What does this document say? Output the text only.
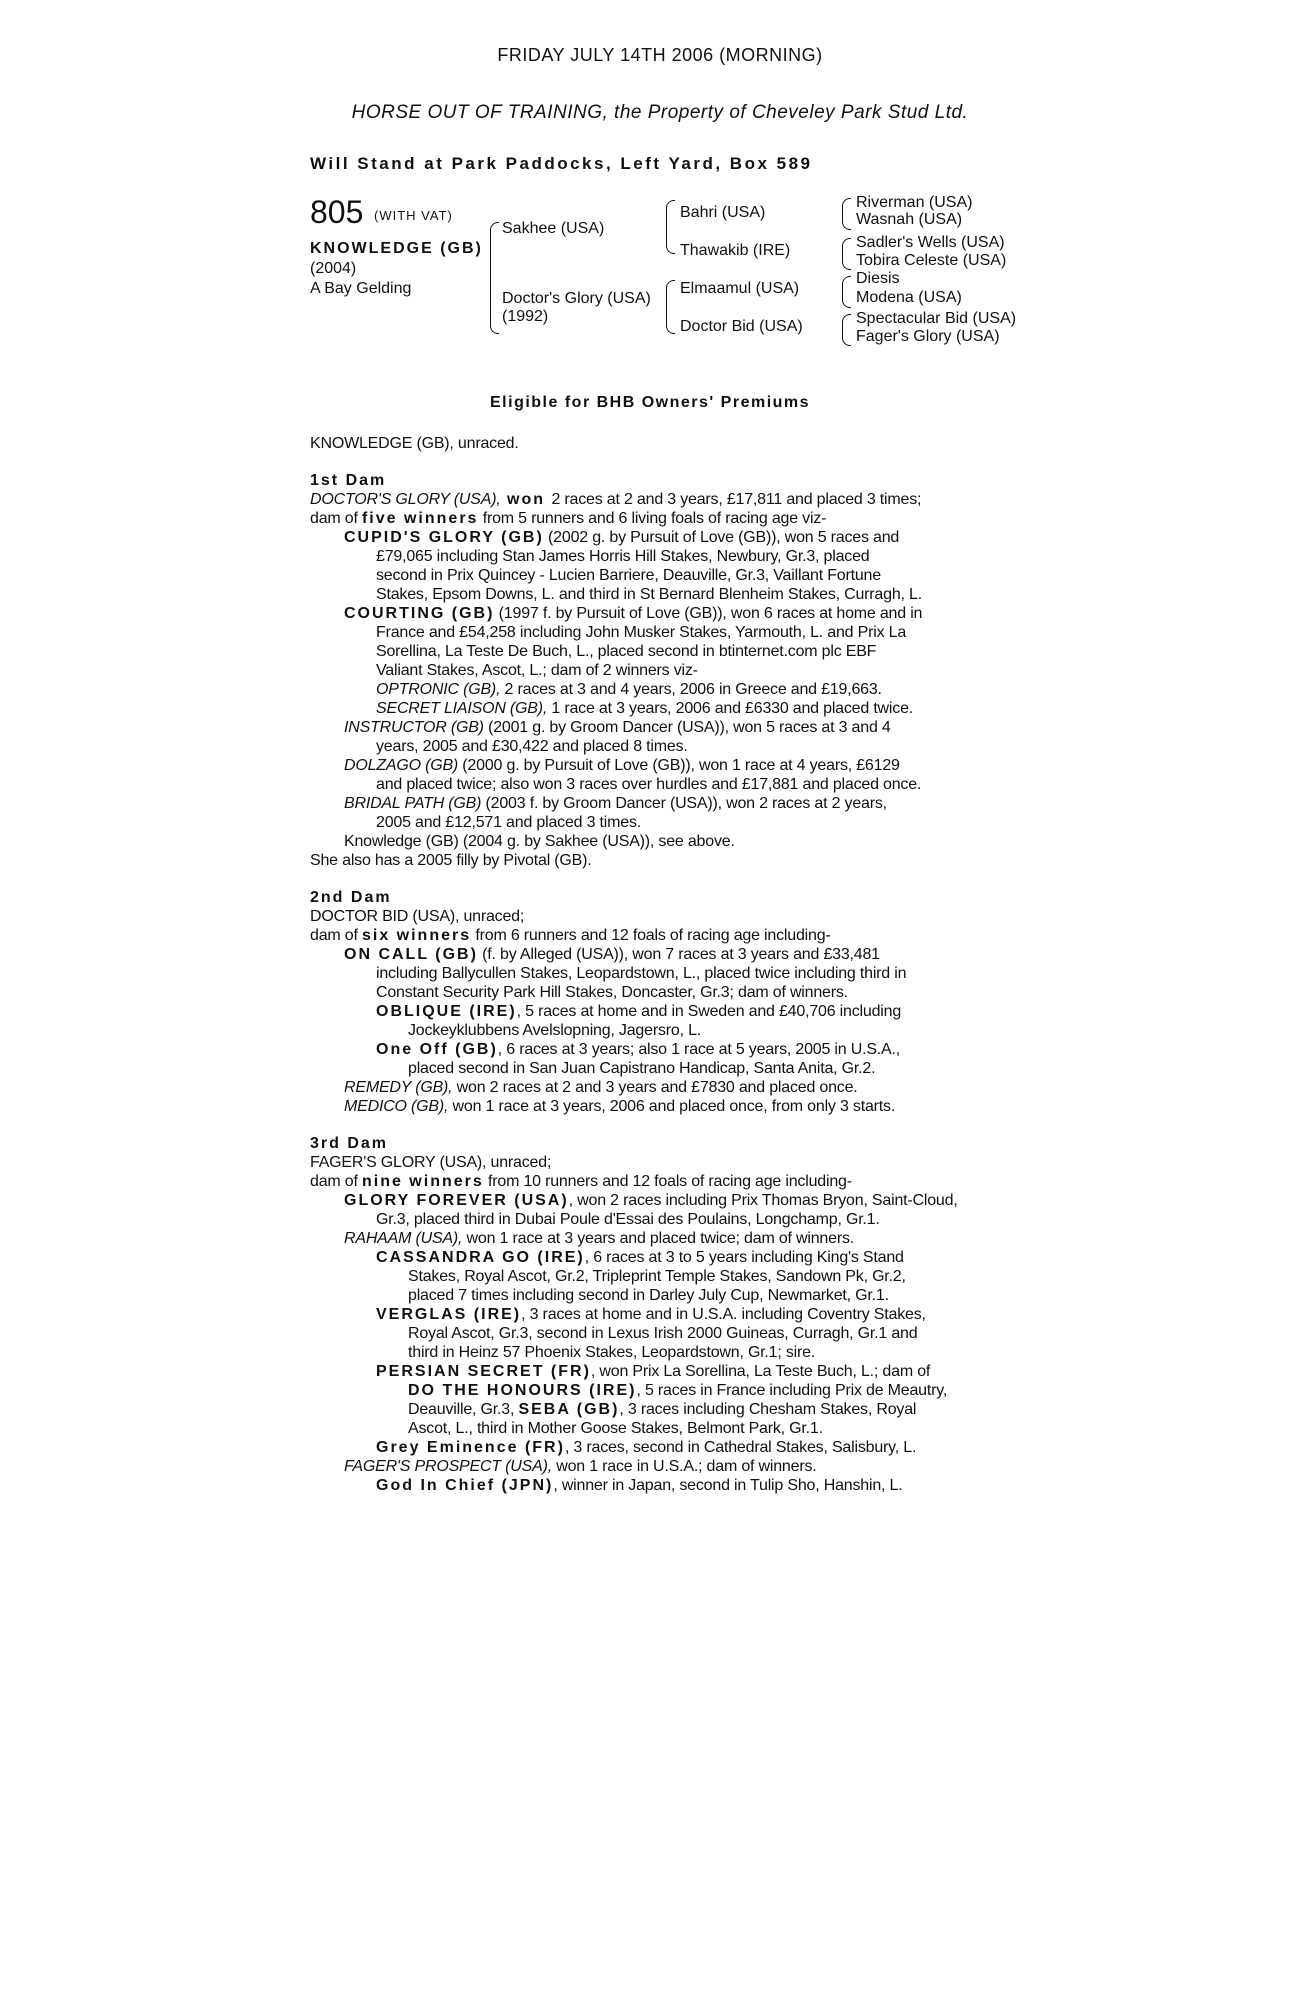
FRIDAY JULY 14TH 2006 (MORNING)
HORSE OUT OF TRAINING, the Property of Cheveley Park Stud Ltd.
Will Stand at Park Paddocks, Left Yard, Box 589
805 (WITH VAT)
KNOWLEDGE (GB)
(2004)
A Bay Gelding
Sakhee (USA)
Doctor's Glory (USA)
(1992)
Bahri (USA)
Thawakib (IRE)
Elmaamul (USA)
Doctor Bid (USA)
Riverman (USA)
Wasnah (USA)
Sadler's Wells (USA)
Tobira Celeste (USA)
Diesis
Modena (USA)
Spectacular Bid (USA)
Fager's Glory (USA)
Eligible for BHB Owners' Premiums
KNOWLEDGE (GB), unraced.
1st Dam
DOCTOR'S GLORY (USA), won 2 races at 2 and 3 years, £17,811 and placed 3 times;
dam of five winners from 5 runners and 6 living foals of racing age viz-
CUPID'S GLORY (GB) (2002 g. by Pursuit of Love (GB)), won 5 races and
£79,065 including Stan James Horris Hill Stakes, Newbury, Gr.3, placed
second in Prix Quincey - Lucien Barriere, Deauville, Gr.3, Vaillant Fortune
Stakes, Epsom Downs, L. and third in St Bernard Blenheim Stakes, Curragh, L.
COURTING (GB) (1997 f. by Pursuit of Love (GB)), won 6 races at home and in
France and £54,258 including John Musker Stakes, Yarmouth, L. and Prix La
Sorellina, La Teste De Buch, L., placed second in btinternet.com plc EBF
Valiant Stakes, Ascot, L.; dam of 2 winners viz-
OPTRONIC (GB), 2 races at 3 and 4 years, 2006 in Greece and £19,663.
SECRET LIAISON (GB), 1 race at 3 years, 2006 and £6330 and placed twice.
INSTRUCTOR (GB) (2001 g. by Groom Dancer (USA)), won 5 races at 3 and 4
years, 2005 and £30,422 and placed 8 times.
DOLZAGO (GB) (2000 g. by Pursuit of Love (GB)), won 1 race at 4 years, £6129
and placed twice; also won 3 races over hurdles and £17,881 and placed once.
BRIDAL PATH (GB) (2003 f. by Groom Dancer (USA)), won 2 races at 2 years,
2005 and £12,571 and placed 3 times.
Knowledge (GB) (2004 g. by Sakhee (USA)), see above.
She also has a 2005 filly by Pivotal (GB).
2nd Dam
DOCTOR BID (USA), unraced;
dam of six winners from 6 runners and 12 foals of racing age including-
ON CALL (GB) (f. by Alleged (USA)), won 7 races at 3 years and £33,481
including Ballycullen Stakes, Leopardstown, L., placed twice including third in
Constant Security Park Hill Stakes, Doncaster, Gr.3; dam of winners.
OBLIQUE (IRE), 5 races at home and in Sweden and £40,706 including
Jockeyklubbens Avelslopning, Jagersro, L.
One Off (GB), 6 races at 3 years; also 1 race at 5 years, 2005 in U.S.A.,
placed second in San Juan Capistrano Handicap, Santa Anita, Gr.2.
REMEDY (GB), won 2 races at 2 and 3 years and £7830 and placed once.
MEDICO (GB), won 1 race at 3 years, 2006 and placed once, from only 3 starts.
3rd Dam
FAGER'S GLORY (USA), unraced;
dam of nine winners from 10 runners and 12 foals of racing age including-
GLORY FOREVER (USA), won 2 races including Prix Thomas Bryon, Saint-Cloud,
Gr.3, placed third in Dubai Poule d'Essai des Poulains, Longchamp, Gr.1.
RAHAAM (USA), won 1 race at 3 years and placed twice; dam of winners.
CASSANDRA GO (IRE), 6 races at 3 to 5 years including King's Stand
Stakes, Royal Ascot, Gr.2, Tripleprint Temple Stakes, Sandown Pk, Gr.2,
placed 7 times including second in Darley July Cup, Newmarket, Gr.1.
VERGLAS (IRE), 3 races at home and in U.S.A. including Coventry Stakes,
Royal Ascot, Gr.3, second in Lexus Irish 2000 Guineas, Curragh, Gr.1 and
third in Heinz 57 Phoenix Stakes, Leopardstown, Gr.1; sire.
PERSIAN SECRET (FR), won Prix La Sorellina, La Teste Buch, L.; dam of
DO THE HONOURS (IRE), 5 races in France including Prix de Meautry,
Deauville, Gr.3, SEBA (GB), 3 races including Chesham Stakes, Royal
Ascot, L., third in Mother Goose Stakes, Belmont Park, Gr.1.
Grey Eminence (FR), 3 races, second in Cathedral Stakes, Salisbury, L.
FAGER'S PROSPECT (USA), won 1 race in U.S.A.; dam of winners.
God In Chief (JPN), winner in Japan, second in Tulip Sho, Hanshin, L.
